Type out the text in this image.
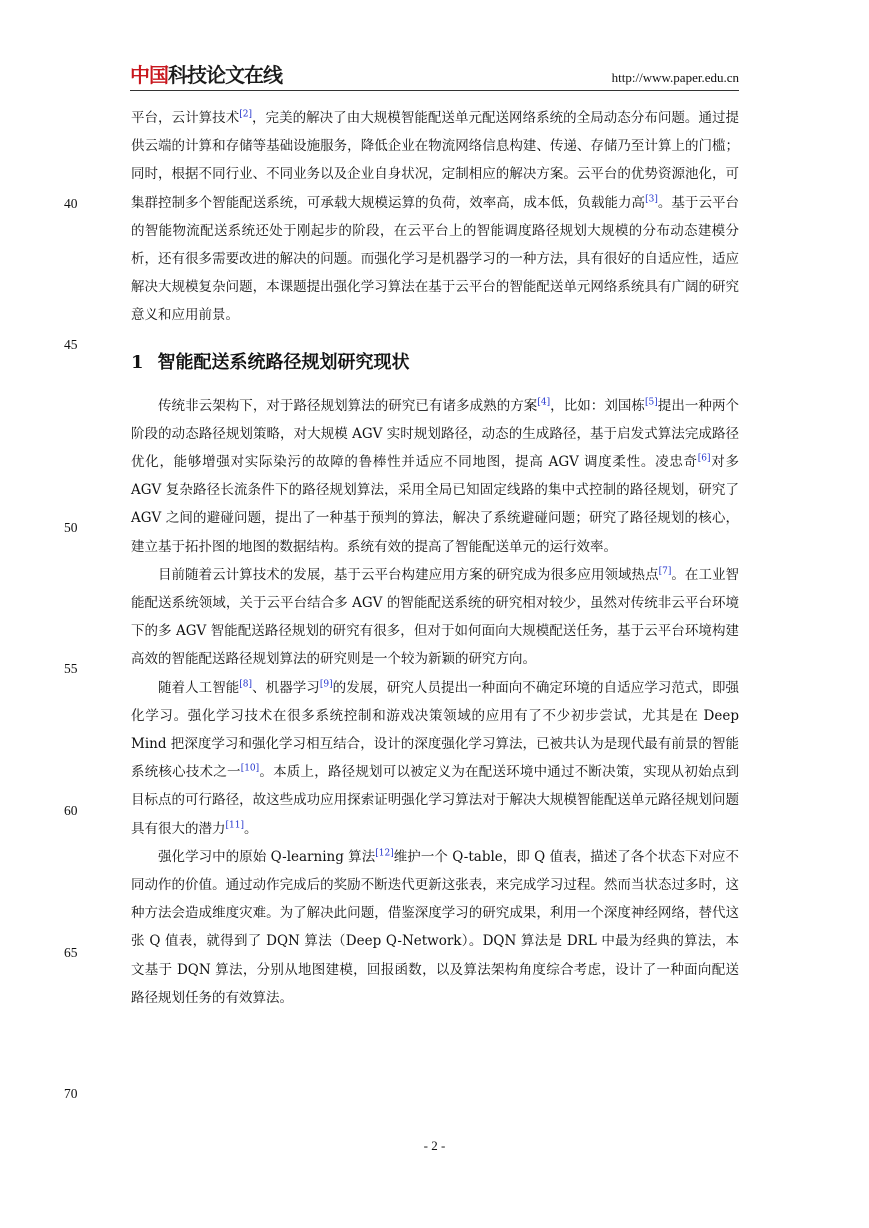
中国科技论文在线	http://www.paper.edu.cn

平台，云计算技术[2]，完美的解决了由大规模智能配送单元配送网络系统的全局动态分布问题。通过提供云端的计算和存储等基础设施服务，降低企业在物流网络信息构建、传递、存储乃至计算上的门槛；同时，根据不同行业、不同业务以及企业自身状况，定制相应的解决方案。云平台的优势资源池化，可集群控制多个智能配送系统，可承载大规模运算的负荷，效率高，成本低，负载能力高[3]。基于云平台的智能物流配送系统还处于刚起步的阶段，在云平台上的智能调度路径规划大规模的分布动态建模分析，还有很多需要改进的解决的问题。而强化学习是机器学习的一种方法，具有很好的自适应性，适应解决大规模复杂问题，本课题提出强化学习算法在基于云平台的智能配送单元网络系统具有广阔的研究意义和应用前景。

1 智能配送系统路径规划研究现状

传统非云架构下，对于路径规划算法的研究已有诸多成熟的方案[4]，比如：刘国栋[5]提出一种两个阶段的动态路径规划策略，对大规模 AGV 实时规划路径，动态的生成路径，基于启发式算法完成路径优化，能够增强对实际染污的故障的鲁棒性并适应不同地图，提高 AGV 调度柔性。凌忠奇[6]对多 AGV 复杂路径长流条件下的路径规划算法，采用全局已知固定线路的集中式控制的路径规划，研究了 AGV 之间的避碰问题，提出了一种基于预判的算法，解决了系统避碰问题；研究了路径规划的核心，建立基于拓扑图的地图的数据结构。系统有效的提高了智能配送单元的运行效率。

目前随着云计算技术的发展，基于云平台构建应用方案的研究成为很多应用领域热点[7]。在工业智能配送系统领域，关于云平台结合多 AGV 的智能配送系统的研究相对较少，虽然对传统非云平台环境下的多 AGV 智能配送路径规划的研究有很多，但对于如何面向大规模配送任务，基于云平台环境构建高效的智能配送路径规划算法的研究则是一个较为新颖的研究方向。

随着人工智能[8]、机器学习[9]的发展，研究人员提出一种面向不确定环境的自适应学习范式，即强化学习。强化学习技术在很多系统控制和游戏决策领域的应用有了不少初步尝试，尤其是在 Deep Mind 把深度学习和强化学习相互结合，设计的深度强化学习算法，已被共认为是现代最有前景的智能系统核心技术之一[10]。本质上，路径规划可以被定义为在配送环境中通过不断决策，实现从初始点到目标点的可行路径，故这些成功应用探索证明强化学习算法对于解决大规模智能配送单元路径规划问题具有很大的潜力[11]。

强化学习中的原始 Q-learning 算法[12]维护一个 Q-table，即 Q 值表，描述了各个状态下对应不同动作的价值。通过动作完成后的奖励不断迭代更新这张表，来完成学习过程。然而当状态过多时，这种方法会造成维度灾难。为了解决此问题，借鉴深度学习的研究成果，利用一个深度神经网络，替代这张 Q 值表，就得到了 DQN 算法（Deep Q-Network）。DQN 算法是 DRL 中最为经典的算法，本文基于 DQN 算法，分别从地图建模，回报函数，以及算法架构角度综合考虑，设计了一种面向配送路径规划任务的有效算法。

40
45
50
55
60
65
70
- 2 -
